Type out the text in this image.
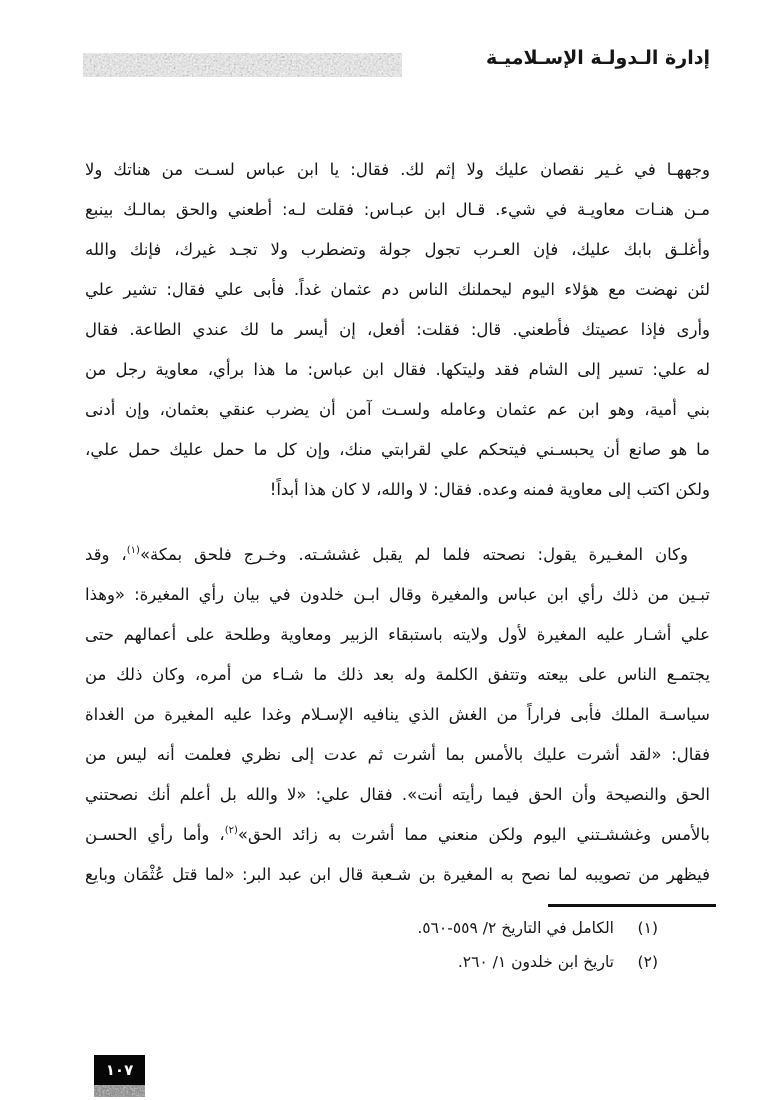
إدارة الـدولـة الإسـلاميـة

وجههـا في غـير نقصان عليك ولا إثم لك. فقال: يا ابن عباس لسـت من هناتك ولا

مـن هنـات معاويـة في شيء. قـال ابن عبـاس: فقلت لـه: أطعني والحق بمالـك بينبع

وأغلـق بابك عليك، فإن العـرب تجول جولة وتضطرب ولا تجـد غيرك، فإنك والله

لئن نهضت مع هؤلاء اليوم ليحملنك الناس دم عثمان غداً. فأبى علي فقال: تشير علي

وأرى فإذا عصيتك فأطعني. قال: فقلت: أفعل، إن أيسر ما لك عندي الطاعة. فقال

له علي: تسير إلى الشام فقد وليتكها. فقال ابن عباس: ما هذا برأي، معاوية رجل من

بني أمية، وهو ابن عم عثمان وعامله ولسـت آمن أن يضرب عنقي بعثمان، وإن أدنى

ما هو صانع أن يحبسـني فيتحكم علي لقرابتي منك، وإن كل ما حمل عليك حمل علي،

ولكن اكتب إلى معاوية فمنه وعده. فقال: لا والله، لا كان هذا أبداً!

وكان المغـيرة يقول: نصحته فلما لم يقبل غششـته. وخـرج فلحق بمكة»$^{(١)}$، وقد

تبـين من ذلك رأي ابن عباس والمغيرة وقال ابـن خلدون في بيان رأي المغيرة: «وهذا

علي أشـار عليه المغيرة لأول ولايته باستبقاء الزبير ومعاوية وطلحة على أعمالهم حتى

يجتمـع الناس على بيعته وتتفق الكلمة وله بعد ذلك ما شـاء من أمره، وكان ذلك من

سياسـة الملك فأبى فراراً من الغش الذي ينافيه الإسـلام وغدا عليه المغيرة من الغداة

فقال: «لقد أشرت عليك بالأمس بما أشرت ثم عدت إلى نظري فعلمت أنه ليس من

الحق والنصيحة وأن الحق فيما رأيته أنت». فقال علي: «لا والله بل أعلم أنك نصحتني

بالأمس وغششـتني اليوم ولكن منعني مما أشرت به زائد الحق»$^{(٢)}$، وأما رأي الحسـن

فيظهر من تصويبه لما نصح به المغيرة بن شـعبة قال ابن عبد البر: «لما قتل عُثْمَان وبايع

(١)الكامل في التاريخ ٢/ ٥٥٩-٥٦٠.
(٢)تاريخ ابن خلدون ١/ ٢٦٠.
١٠٧
